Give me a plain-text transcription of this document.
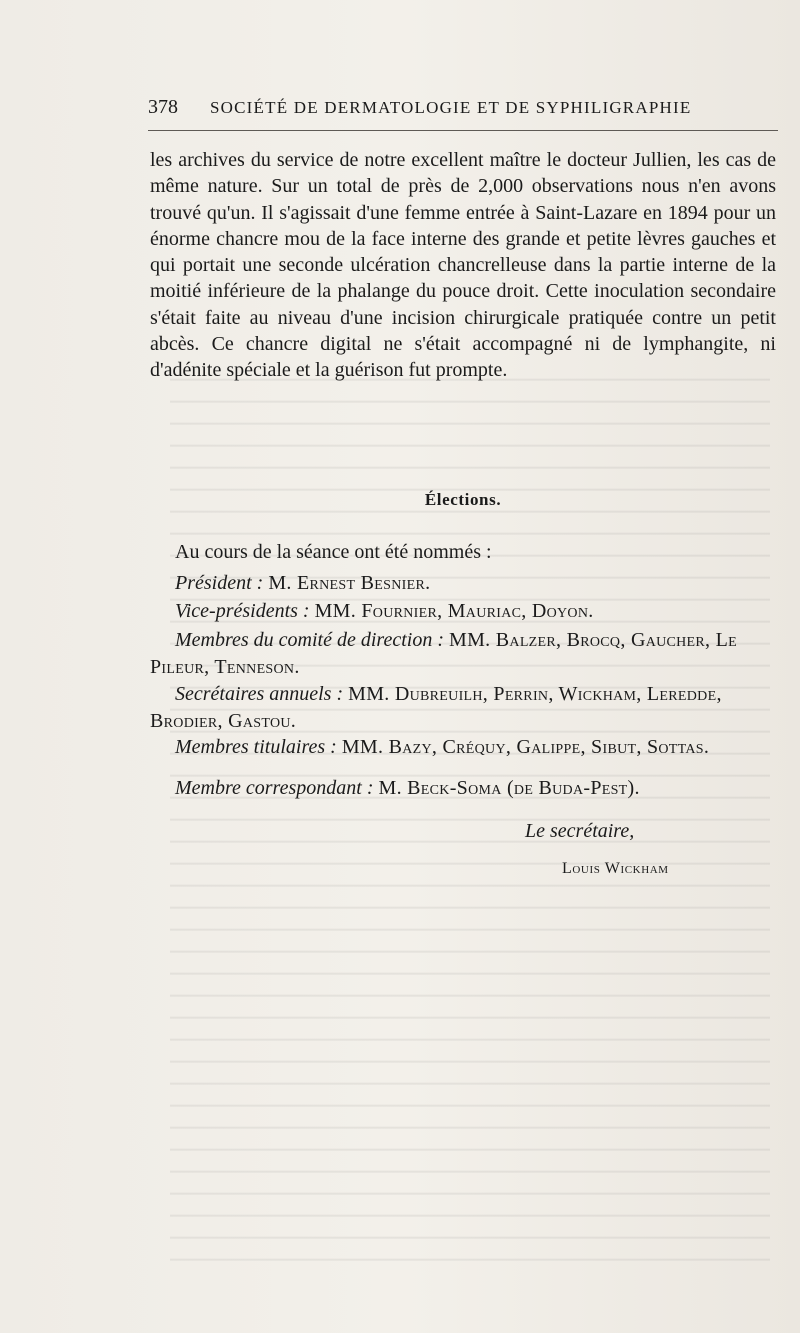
378	SOCIÉTÉ DE DERMATOLOGIE ET DE SYPHILIGRAPHIE

les archives du service de notre excellent maître le docteur Jullien, les cas de même nature. Sur un total de près de 2,000 observations nous n'en avons trouvé qu'un. Il s'agissait d'une femme entrée à Saint-Lazare en 1894 pour un énorme chancre mou de la face interne des grande et petite lèvres gauches et qui portait une seconde ulcération chancrelleuse dans la partie interne de la moitié inférieure de la phalange du pouce droit. Cette inoculation secondaire s'était faite au niveau d'une incision chirurgicale pratiquée contre un petit abcès. Ce chancre digital ne s'était accompagné ni de lymphangite, ni d'adénite spéciale et la guérison fut prompte.

Élections.
Au cours de la séance ont été nommés :

Président : M. Ernest Besnier.

Vice-présidents : MM. Fournier, Mauriac, Doyon.

Membres du comité de direction : MM. Balzer, Brocq, Gaucher, Le Pileur, Tenneson.

Secrétaires annuels : MM. Dubreuilh, Perrin, Wickham, Leredde, Brodier, Gastou.

Membres titulaires : MM. Bazy, Créquy, Galippe, Sibut, Sottas.

Membre correspondant : M. Beck-Soma (de Buda-Pest).

Le secrétaire,
Louis Wickham
